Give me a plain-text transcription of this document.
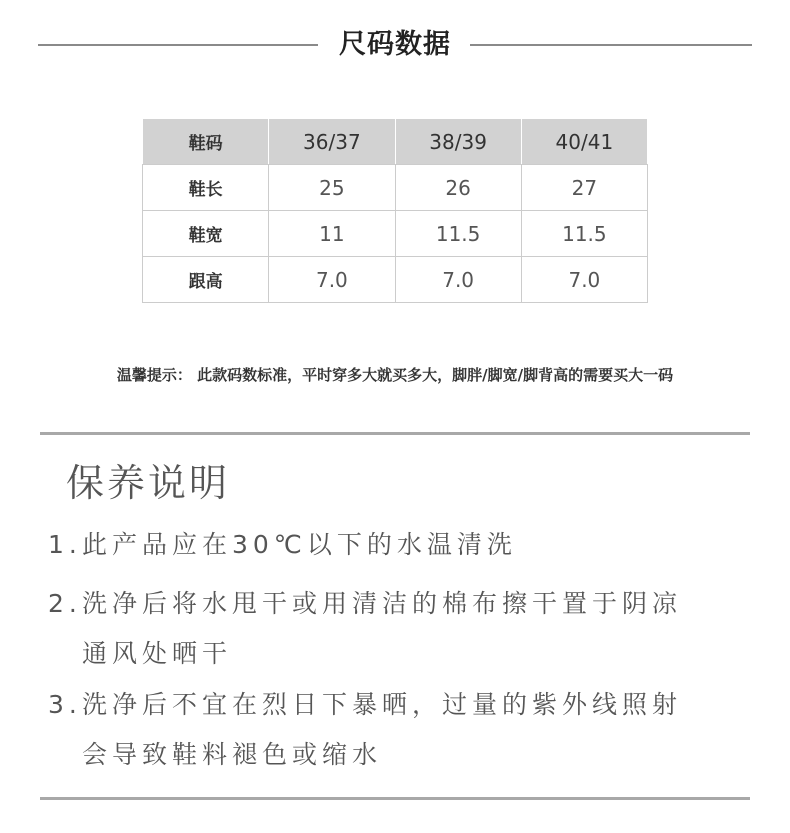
尺码数据
鞋码	36/37	38/39	40/41
鞋长	25	26	27
鞋宽	11	11.5	11.5
跟高	7.0	7.0	7.0
温馨提示： 此款码数标准，平时穿多大就买多大，脚胖/脚宽/脚背高的需要买大一码
保养说明
1.此产品应在30℃以下的水温清洗
2.洗净后将水甩干或用清洁的棉布擦干置于阴凉
通风处晒干
3.洗净后不宜在烈日下暴晒，过量的紫外线照射
会导致鞋料褪色或缩水
